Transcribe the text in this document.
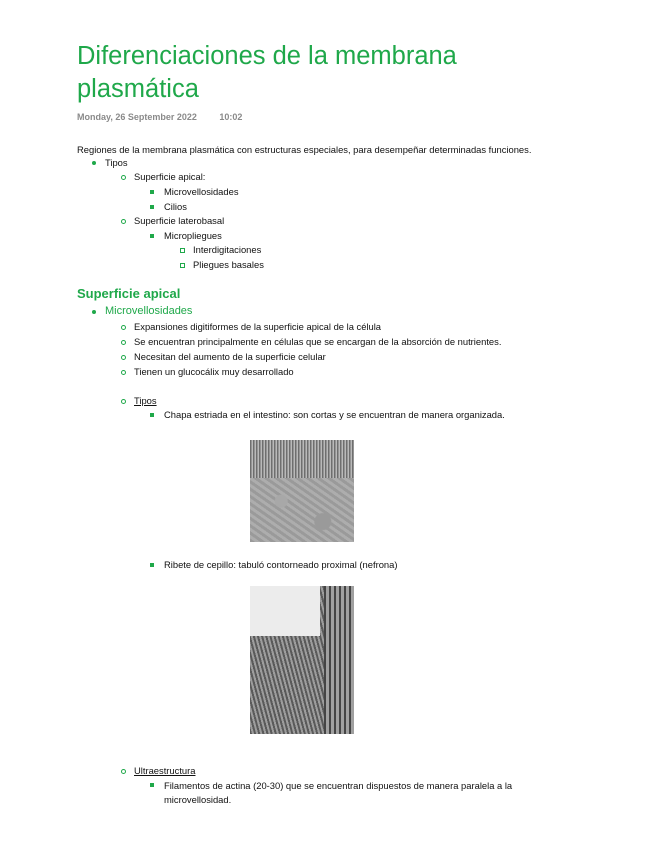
Diferenciaciones de la membrana plasmática
Monday, 26 September 2022	10:02
Regiones de la membrana plasmática con estructuras especiales, para desempeñar determinadas funciones.
Tipos
Superficie apical:
Microvellosidades
Cilios
Superficie laterobasal
Micropliegues
Interdigitaciones
Pliegues basales
Superficie apical
Microvellosidades
Expansiones digitiformes de la superficie apical de la célula
Se encuentran principalmente en células que se encargan de la absorción de nutrientes.
Necesitan del aumento de la superficie celular
Tienen un glucocálix muy desarrollado
Tipos
Chapa estriada en el intestino: son cortas y se encuentran de manera organizada.
Ribete de cepillo: tabuló contorneado proximal (nefrona)
Ultraestructura
Filamentos de actina (20-30) que se encuentran dispuestos de manera paralela a la microvellosidad.
